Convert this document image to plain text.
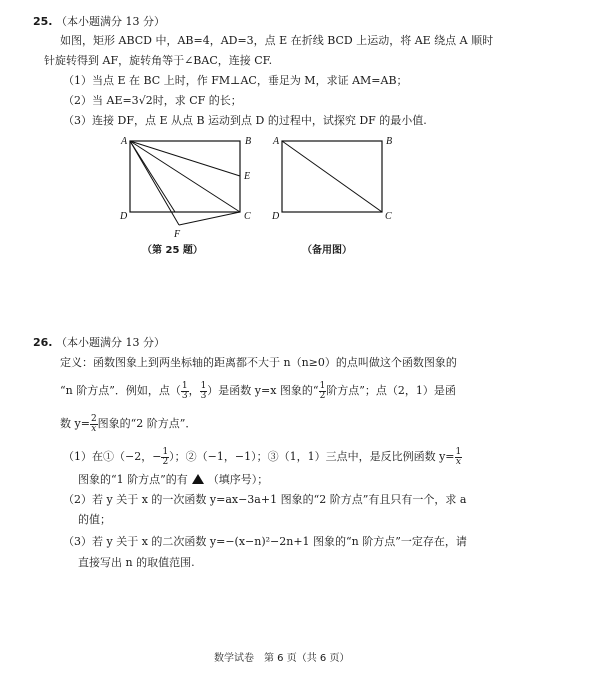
25. （本小题满分 13 分）
如图，矩形 ABCD 中，AB=4，AD=3，点 E 在折线 BCD 上运动，将 AE 绕点 A 顺时
针旋转得到 AF，旋转角等于∠BAC，连接 CF.
（1）当点 E 在 BC 上时，作 FM⊥AC，垂足为 M，求证 AM=AB；
（2）当 AE=3√2时，求 CF 的长；
（3）连接 DF，点 E 从点 B 运动到点 D 的过程中，试探究 DF 的最小值.
A	B
C
D
E
F
（第 25 题）
A	B
C
D
（备用图）
26. （本小题满分 13 分）
定义：函数图象上到两坐标轴的距离都不大于 n（n≥0）的点叫做这个函数图象的
“n 阶方点”．例如，点（ $\frac{1}{3}$ ， $\frac{1}{3}$ ）是函数 y=x 图象的“ $\frac{1}{2}$ 阶方点”；点（2，1）是函
数 $y= \frac{2}{x}$ 图象的“2 阶方点”．
（1）在①（−2，− $\frac{1}{2}$ ）；②（−1，−1）；③（1，1）三点中，是反比例函数 $y= \frac{1}{x}$
图象的“1 阶方点”的有 （填序号）；
（2）若 y 关于 x 的一次函数 y=ax−3a+1 图象的“2 阶方点”有且只有一个，求 a
的值；
（3）若 y 关于 x 的二次函数 y=−(x−n)²−2n+1 图象的“n 阶方点”一定存在，请
直接写出 n 的取值范围.
数学试卷　第 6 页（共 6 页）
